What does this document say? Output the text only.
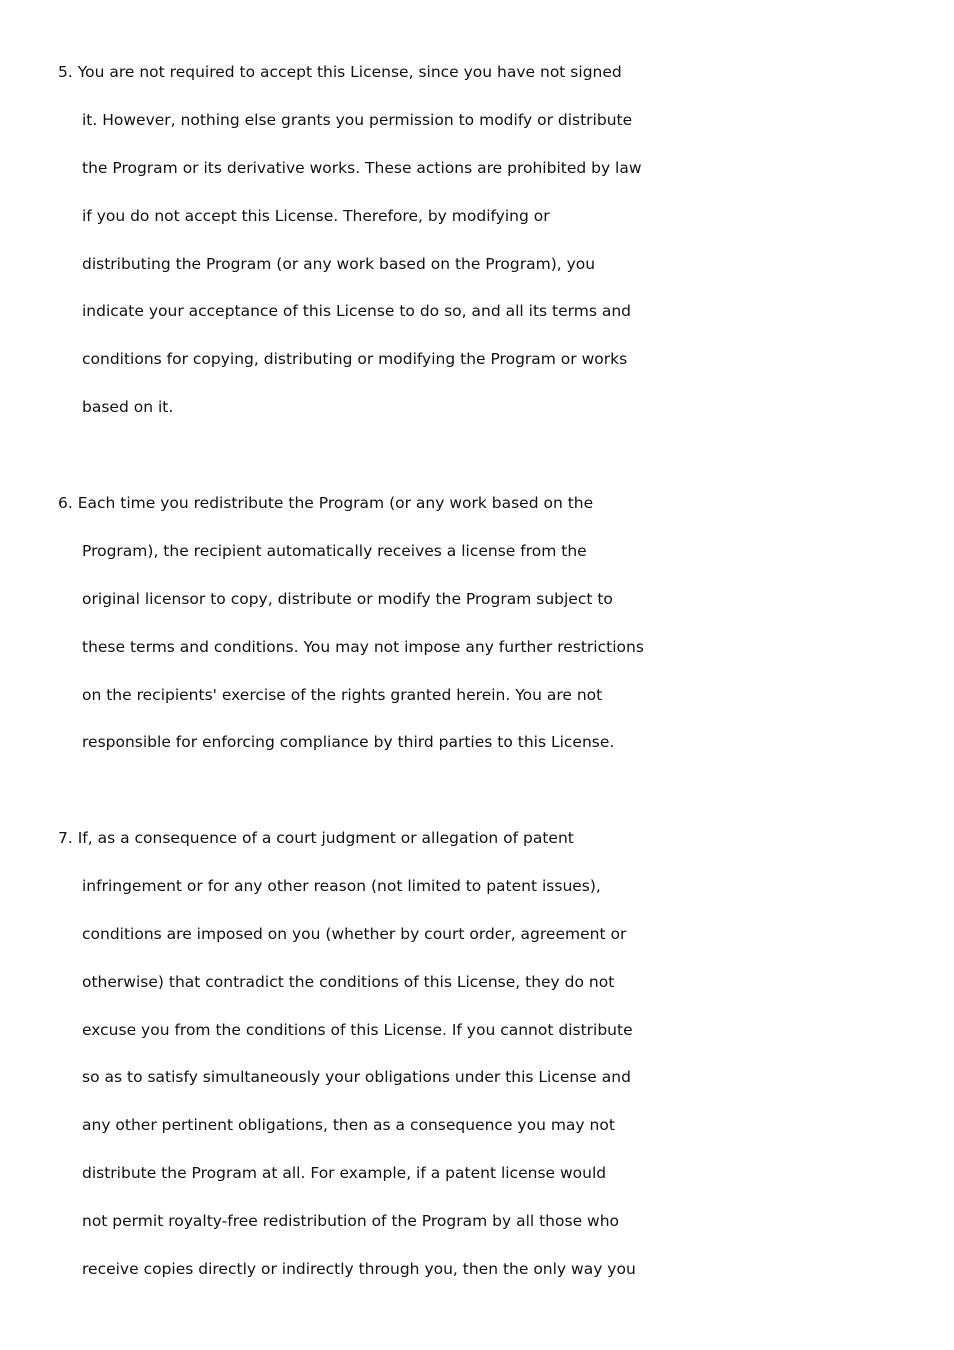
5. You are not required to accept this License, since you have not signed
it. However, nothing else grants you permission to modify or distribute
the Program or its derivative works. These actions are prohibited by law
if you do not accept this License. Therefore, by modifying or
distributing the Program (or any work based on the Program), you
indicate your acceptance of this License to do so, and all its terms and
conditions for copying, distributing or modifying the Program or works
based on it.
6. Each time you redistribute the Program (or any work based on the
Program), the recipient automatically receives a license from the
original licensor to copy, distribute or modify the Program subject to
these terms and conditions. You may not impose any further restrictions
on the recipients' exercise of the rights granted herein. You are not
responsible for enforcing compliance by third parties to this License.
7. If, as a consequence of a court judgment or allegation of patent
infringement or for any other reason (not limited to patent issues),
conditions are imposed on you (whether by court order, agreement or
otherwise) that contradict the conditions of this License, they do not
excuse you from the conditions of this License. If you cannot distribute
so as to satisfy simultaneously your obligations under this License and
any other pertinent obligations, then as a consequence you may not
distribute the Program at all. For example, if a patent license would
not permit royalty-free redistribution of the Program by all those who
receive copies directly or indirectly through you, then the only way you
